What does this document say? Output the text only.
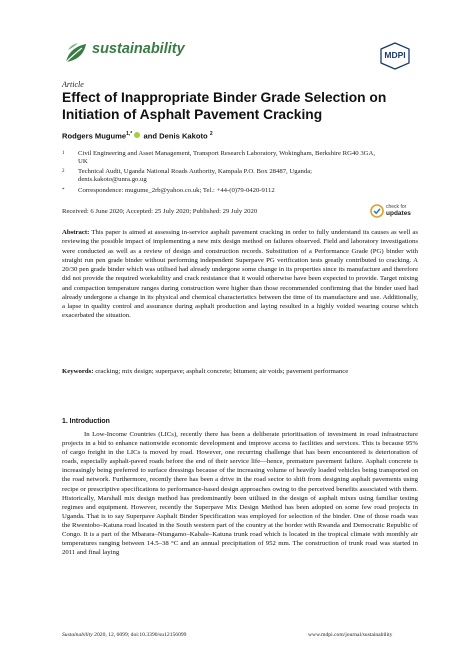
sustainability	MDPI
Article
Effect of Inappropriate Binder Grade Selection on Initiation of Asphalt Pavement Cracking
Rodgers Mugume$^{1,*}$ and Denis Kakoto $^2$
1 Civil Engineering and Asset Management, Transport Research Laboratory, Wokingham, Berkshire RG40 3GA, UK
2 Technical Audit, Uganda National Roads Authority, Kampala P.O. Box 28487, Uganda; denis.kakoto@unra.go.ug
* Correspondence: mugume_2rb@yahoo.co.uk; Tel.: +44-(0)79-0420-9112
Received: 6 June 2020; Accepted: 25 July 2020; Published: 29 July 2020
check for
updates
Abstract: This paper is aimed at assessing in-service asphalt pavement cracking in order to fully understand its causes as well as reviewing the possible impact of implementing a new mix design method on failures observed. Field and laboratory investigations were conducted as well as a review of design and construction records. Substitution of a Performance Grade (PG) binder with straight run pen grade binder without performing independent Superpave PG verification tests greatly contributed to cracking. A 20/30 pen grade binder which was utilised had already undergone some change in its properties since its manufacture and therefore did not provide the required workability and crack resistance that it would otherwise have been expected to provide. Target mixing and compaction temperature ranges during construction were higher than those recommended confirming that the binder used had already undergone a change in its physical and chemical characteristics between the time of its manufacture and use. Additionally, a lapse in quality control and assurance during asphalt production and laying resulted in a highly voided wearing course which exacerbated the situation.
Keywords: cracking; mix design; superpave; asphalt concrete; bitumen; air voids; pavement performance
1. Introduction
In Low-Income Countries (LICs), recently there has been a deliberate prioritisation of investment in road infrastructure projects in a bid to enhance nationwide economic development and improve access to facilities and services. This is because 95% of cargo freight in the LICs is moved by road. However, one recurring challenge that has been encountered is deterioration of roads, especially asphalt-paved roads before the end of their service life—hence, premature pavement failure. Asphalt concrete is increasingly being preferred to surface dressings because of the increasing volume of heavily loaded vehicles being transported on the road network. Furthermore, recently there has been a drive in the road sector to shift from designing asphalt pavements using recipe or prescriptive specifications to performance-based design approaches owing to the perceived benefits associated with them. Historically, Marshall mix design method has predominantly been utilised in the design of asphalt mixes using familiar testing regimes and equipment. However, recently the Superpave Mix Design Method has been adopted on some few road projects in Uganda. That is to say Superpave Asphalt Binder Specification was employed for selection of the binder. One of those roads was the Rwentobo–Katuna road located in the South western part of the country at the border with Rwanda and Democratic Republic of Congo. It is a part of the Mbarara–Ntungamo–Kabale–Katuna trunk road which is located in the tropical climate with monthly air temperatures ranging between 14.5–38 °C and an annual precipitation of 952 mm. The construction of trunk road was started in 2011 and final laying
Sustainability 2020, 12, 6099; doi:10.3390/su12156099	www.mdpi.com/journal/sustainability
